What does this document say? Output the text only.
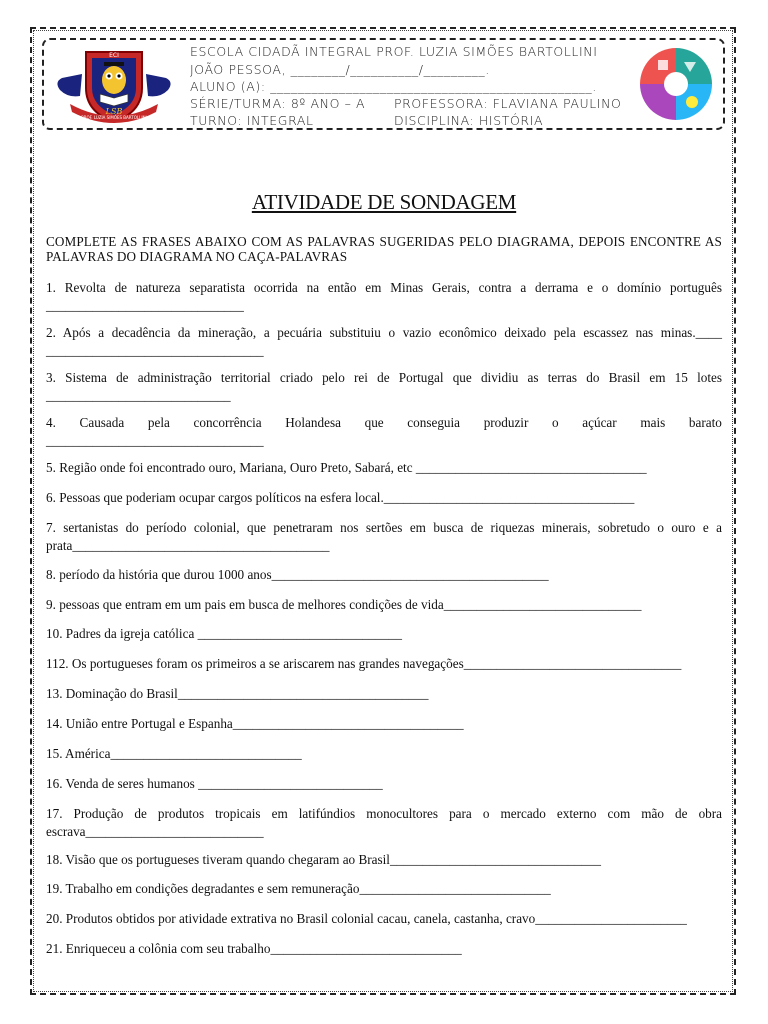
ECI
LSB
PROF. LUZIA SIMÕES BARTOLLINI
ESCOLA CIDADÃ INTEGRAL PROF. LUZIA SIMÕES BARTOLLINI
JOÃO PESSOA, ________/__________/_________.
ALUNO (A): _______________________________________________.
SÉRIE/TURMA: 8º ANO – A PROFESSORA: FLAVIANA PAULINO
TURNO: INTEGRAL	DISCIPLINA: HISTÓRIA
ATIVIDADE DE SONDAGEM
COMPLETE AS FRASES ABAIXO COM AS PALAVRAS SUGERIDAS PELO DIAGRAMA, DEPOIS ENCONTRE AS PALAVRAS DO DIAGRAMA NO CAÇA-PALAVRAS
1. Revolta de natureza separatista ocorrida na então em Minas Gerais, contra a derrama e o domínio português ______________________________
2. Após a decadência da mineração, a pecuária substituiu o vazio econômico deixado pela escassez nas minas.____ _________________________________
3. Sistema de administração territorial criado pelo rei de Portugal que dividiu as terras do Brasil em 15 lotes ____________________________
4. Causada pela concorrência Holandesa que conseguia produzir o açúcar mais barato
_________________________________
5. Região onde foi encontrado ouro, Mariana, Ouro Preto, Sabará, etc ___________________________________
6. Pessoas que poderiam ocupar cargos políticos na esfera local.______________________________________
7. sertanistas do período colonial, que penetraram nos sertões em busca de riquezas minerais, sobretudo o ouro e a prata_______________________________________
8. período da história que durou 1000 anos__________________________________________
9. pessoas que entram em um pais em busca de melhores condições de vida______________________________
10. Padres da igreja católica _______________________________
112. Os portugueses foram os primeiros a se ariscarem nas grandes navegações_________________________________
13. Dominação do Brasil______________________________________
14. União entre Portugal e Espanha___________________________________
15. América_____________________________
16. Venda de seres humanos ____________________________
17. Produção de produtos tropicais em latifúndios monocultores para o mercado externo com mão de obra escrava___________________________
18. Visão que os portugueses tiveram quando chegaram ao Brasil________________________________
19. Trabalho em condições degradantes e sem remuneração_____________________________
20. Produtos obtidos por atividade extrativa no Brasil colonial cacau, canela, castanha, cravo_______________________
21. Enriqueceu a colônia com seu trabalho_____________________________
